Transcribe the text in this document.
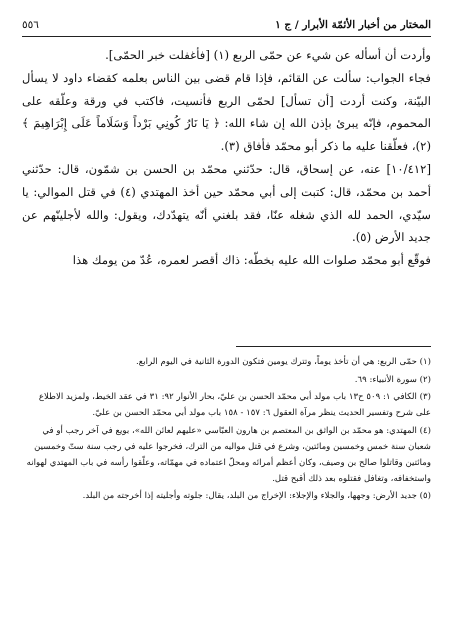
٥٥٦	المختار من أخبار الأئمّة الأبرار / ج ١

وأردت أن أسأله عن شيء عن حمّى الربع (١) [فأغفلت خبر الحمّى].

فجاء الجواب: سألت عن القائم، فإذا قام قضى بين الناس بعلمه كقضاء داود لا يسأل البيّنة، وكنت أردت [أن تسأل] لحمّى الربع فأنسيت، فاكتب في ورقة وعلّقه على المحموم، فإنّه يبرئ بإذن الله إن شاء الله: ﴿ يَا نَارُ كُونِي بَرْداً وَسَلَاماً عَلَى إِبْرَاهِيمَ ﴾ (٢)، فعلّقنا عليه ما ذكر أبو محمّد فأفاق (٣).

[١٠/٤١٢] عنه، عن إسحاق، قال: حدّثني محمّد بن الحسن بن شمّون، قال: حدّثني أحمد بن محمّد، قال: كتبت إلى أبي محمّد حين أخذ المهتدي (٤) في قتل الموالي: يا سيّدي، الحمد لله الذي شغله عنّا، فقد بلغني أنّه يتهدّدك، ويقول: والله لأجلينّهم عن جديد الأرض (٥).

فوقّع أبو محمّد صلوات الله عليه بخطّه: ذاك أقصر لعمره، عُدّ من يومك هذا

(١) حمّى الربع: هي أن تأخذ يوماً، وتترك يومين فتكون الدورة الثانية في اليوم الرابع.

(٢) سورة الأنبياء: ٦٩.

(٣) الكافي ١: ٥٠٩ ح١٣ باب مولد أبي محمّد الحسن بن عليّ، بحار الأنوار ٩٢: ٣١ في عقد الخيط، ولمزيد الاطلاع على شرح وتفسير الحديث ينظر مرآة العقول ٦: ١٥٧ - ١٥٨ باب مولد أبي محمّد الحسن بن عليّ.

(٤) المهتدي: هو محمّد بن الواثق بن المعتصم بن هارون العبّاسي «عليهم لعائن الله»، بويع في آخر رجب أو في شعبان سنة خمس وخمسين ومائتين، وشرع في قتل مواليه من الترك، فخرجوا عليه في رجب سنة ستّ وخمسين ومائتين وقاتلوا صالح بن وصيف، وكان أعظم أمرائه ومحلّ اعتماده في مهمّاته، وعلّقوا رأسه في باب المهتدي لهوانه واستخفافه، وتغافل فقتلوه بعد ذلك أقبح قتل.

(٥) جديد الأرض: وجهها، والجلاء والإجلاء: الإخراج من البلد، يقال: جلوته وأجليته إذا أخرجته من البلد.
